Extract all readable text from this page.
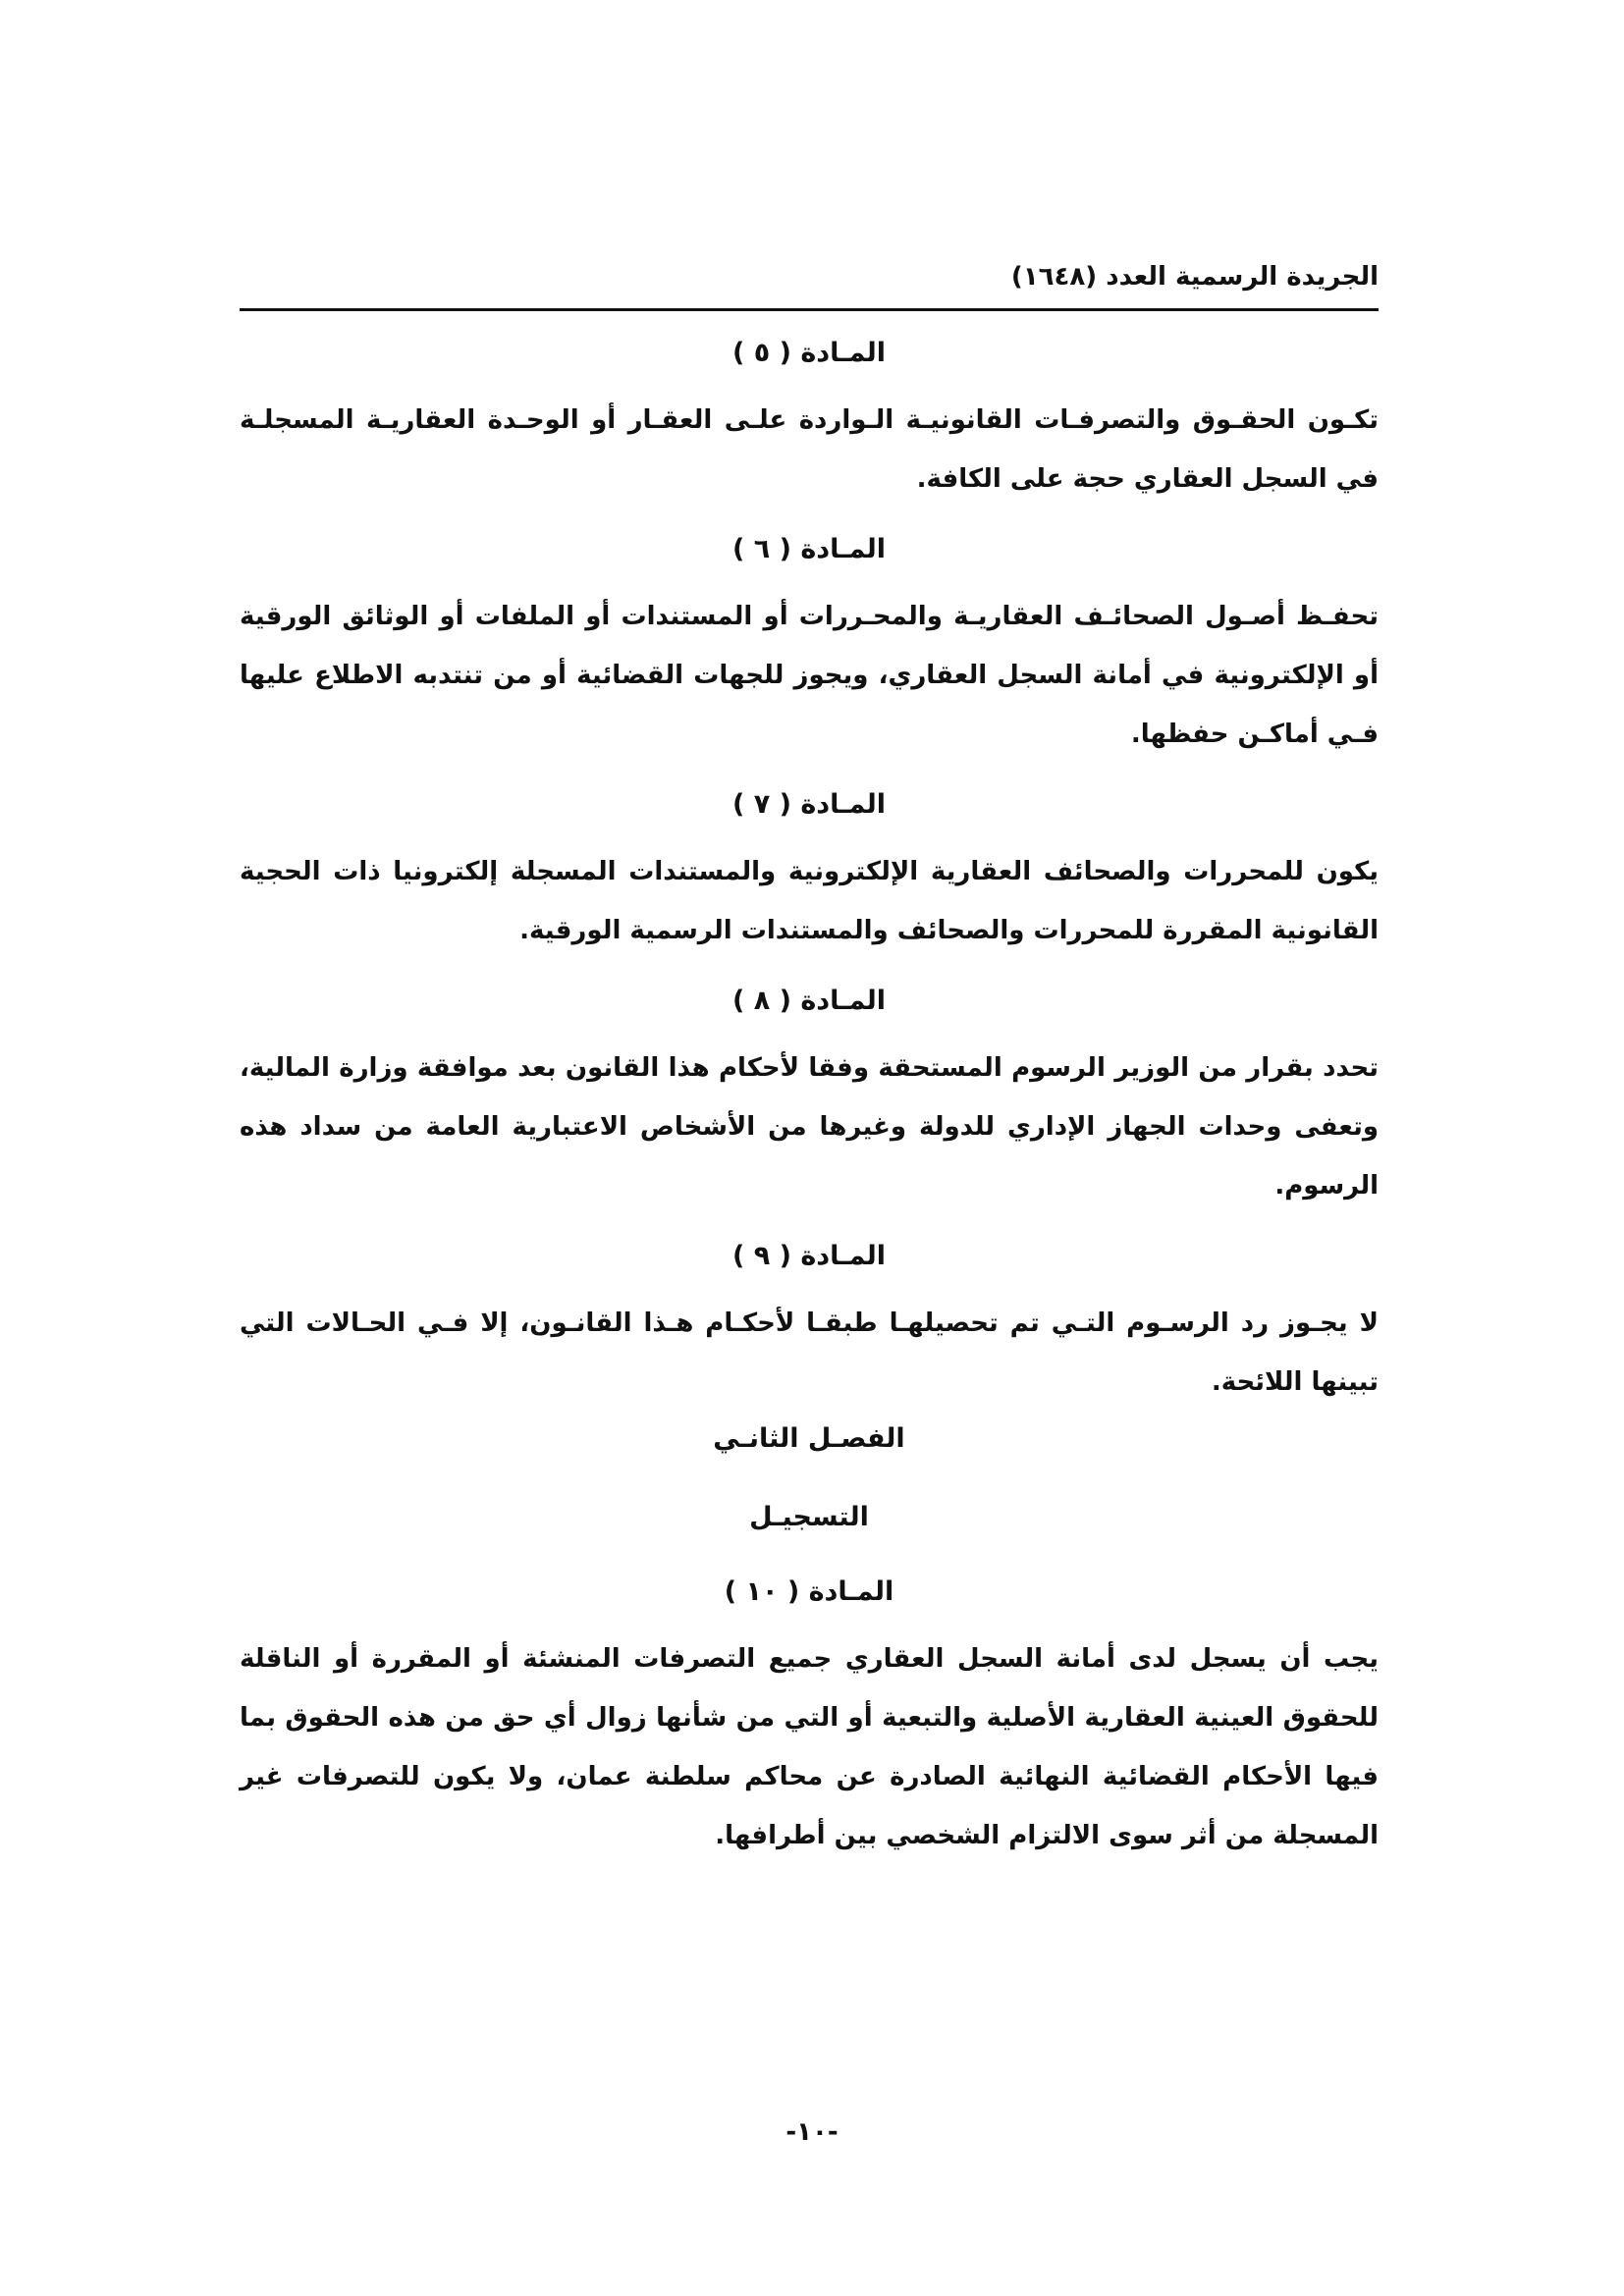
الجريدة الرسمية العدد (١٦٤٨)
المـادة ( ٥ )

تكـون الحقـوق والتصرفـات القانونيـة الـواردة علـى العقـار أو الوحـدة العقاريـة المسجلـة في السجل العقاري حجة على الكافة.

المـادة ( ٦ )

تحفـظ أصـول الصحائـف العقاريـة والمحـررات أو المستندات أو الملفات أو الوثائق الورقية أو الإلكترونية في أمانة السجل العقاري، ويجوز للجهات القضائية أو من تنتدبه الاطلاع عليها فـي أماكـن حفظها.

المـادة ( ٧ )

يكون للمحررات والصحائف العقارية الإلكترونية والمستندات المسجلة إلكترونيا ذات الحجية القانونية المقررة للمحررات والصحائف والمستندات الرسمية الورقية.

المـادة ( ٨ )

تحدد بقرار من الوزير الرسوم المستحقة وفقا لأحكام هذا القانون بعد موافقة وزارة المالية، وتعفى وحدات الجهاز الإداري للدولة وغيرها من الأشخاص الاعتبارية العامة من سداد هذه الرسوم.

المـادة ( ٩ )

لا يجـوز رد الرسـوم التـي تم تحصيلهـا طبقـا لأحكـام هـذا القانـون، إلا فـي الحـالات التي تبينها اللائحة.

الفصـل الثانـي
التسجيـل
المـادة ( ١٠ )

يجب أن يسجل لدى أمانة السجل العقاري جميع التصرفات المنشئة أو المقررة أو الناقلة للحقوق العينية العقارية الأصلية والتبعية أو التي من شأنها زوال أي حق من هذه الحقوق بما فيها الأحكام القضائية النهائية الصادرة عن محاكم سلطنة عمان، ولا يكون للتصرفات غير المسجلة من أثر سوى الالتزام الشخصي بين أطرافها.

-١٠-
